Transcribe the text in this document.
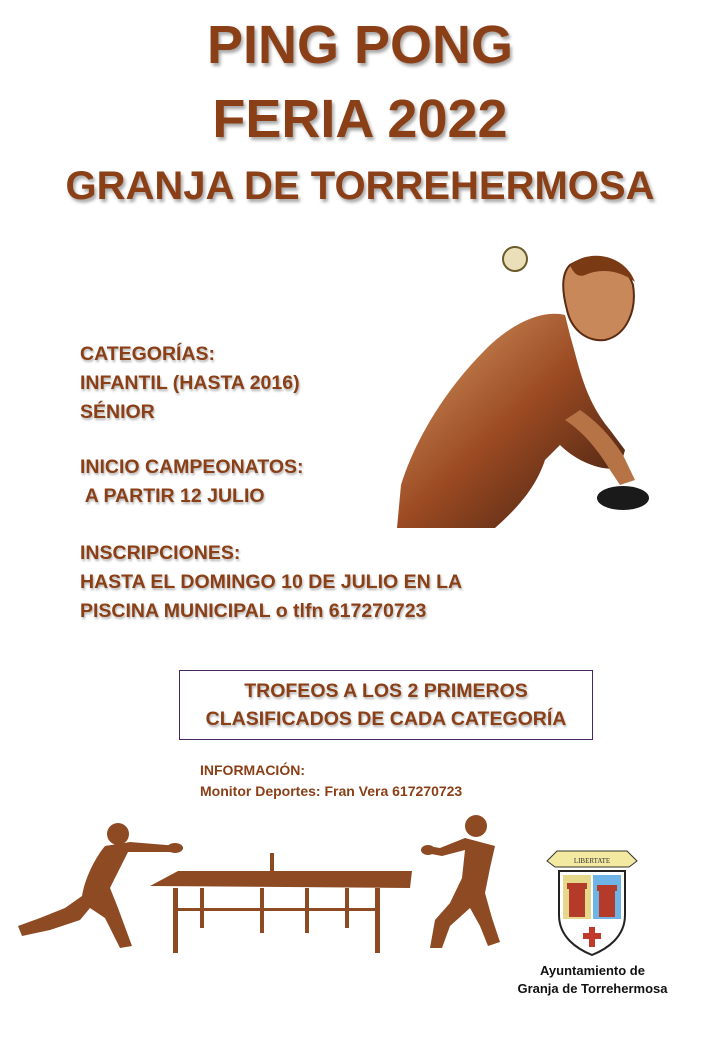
PING PONG
FERIA 2022
GRANJA DE TORREHERMOSA
CATEGORÍAS:
INFANTIL (HASTA 2016)
SÉNIOR
INICIO CAMPEONATOS:
A PARTIR 12 JULIO
INSCRIPCIONES:
HASTA EL DOMINGO 10 DE JULIO EN LA
PISCINA MUNICIPAL o tlfn 617270723
TROFEOS A LOS 2 PRIMEROS
CLASIFICADOS DE CADA CATEGORÍA
INFORMACIÓN:
Monitor Deportes: Fran Vera 617270723
LIBERTATE
Ayuntamiento de
Granja de Torrehermosa
